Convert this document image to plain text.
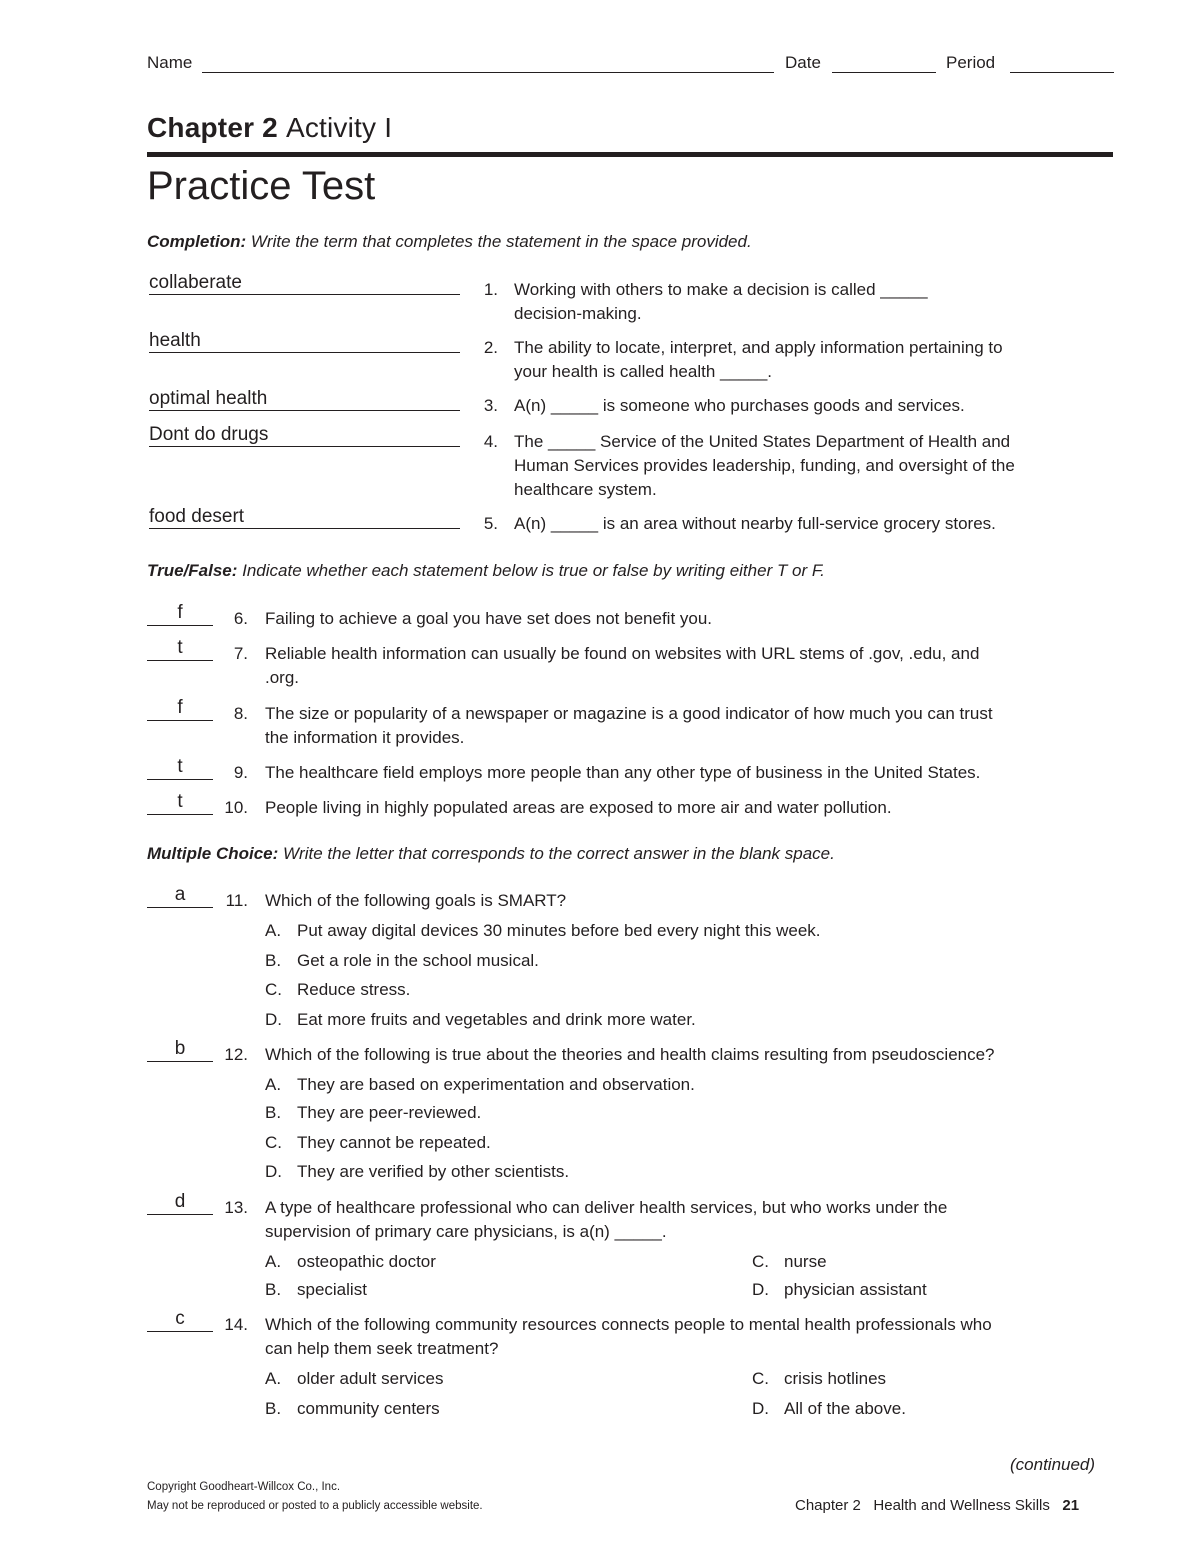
Name	Date	Period
Chapter 2 Activity I
Practice Test
Completion: Write the term that completes the statement in the space provided.
collaberate	1. Working with others to make a decision is called _____
decision-making.
health	2. The ability to locate, interpret, and apply information pertaining to
your health is called health _____.
optimal health	3. A(n) _____ is someone who purchases goods and services.
Dont do drugs	4. The _____ Service of the United States Department of Health and
Human Services provides leadership, funding, and oversight of the
healthcare system.
food desert	5. A(n) _____ is an area without nearby full-service grocery stores.
True/False: Indicate whether each statement below is true or false by writing either T or F.
f	6. Failing to achieve a goal you have set does not benefit you.
t	7. Reliable health information can usually be found on websites with URL stems of .gov, .edu, and
.org.
f	8. The size or popularity of a newspaper or magazine is a good indicator of how much you can trust
the information it provides.
t	9. The healthcare field employs more people than any other type of business in the United States.
t	10. People living in highly populated areas are exposed to more air and water pollution.
Multiple Choice: Write the letter that corresponds to the correct answer in the blank space.
a	11. Which of the following goals is SMART?
A. Put away digital devices 30 minutes before bed every night this week.
B. Get a role in the school musical.
C. Reduce stress.
D. Eat more fruits and vegetables and drink more water.
b	12. Which of the following is true about the theories and health claims resulting from pseudoscience?
A. They are based on experimentation and observation.
B. They are peer-reviewed.
C. They cannot be repeated.
D. They are verified by other scientists.
d	13. A type of healthcare professional who can deliver health services, but who works under the
supervision of primary care physicians, is a(n) _____.
A. osteopathic doctor	C. nurse
B. specialist	D. physician assistant
c	14. Which of the following community resources connects people to mental health professionals who
can help them seek treatment?
A. older adult services	C. crisis hotlines
B. community centers	D. All of the above.
(continued)
Copyright Goodheart-Willcox Co., Inc.
May not be reproduced or posted to a publicly accessible website.	Chapter 2 Health and Wellness Skills 21
